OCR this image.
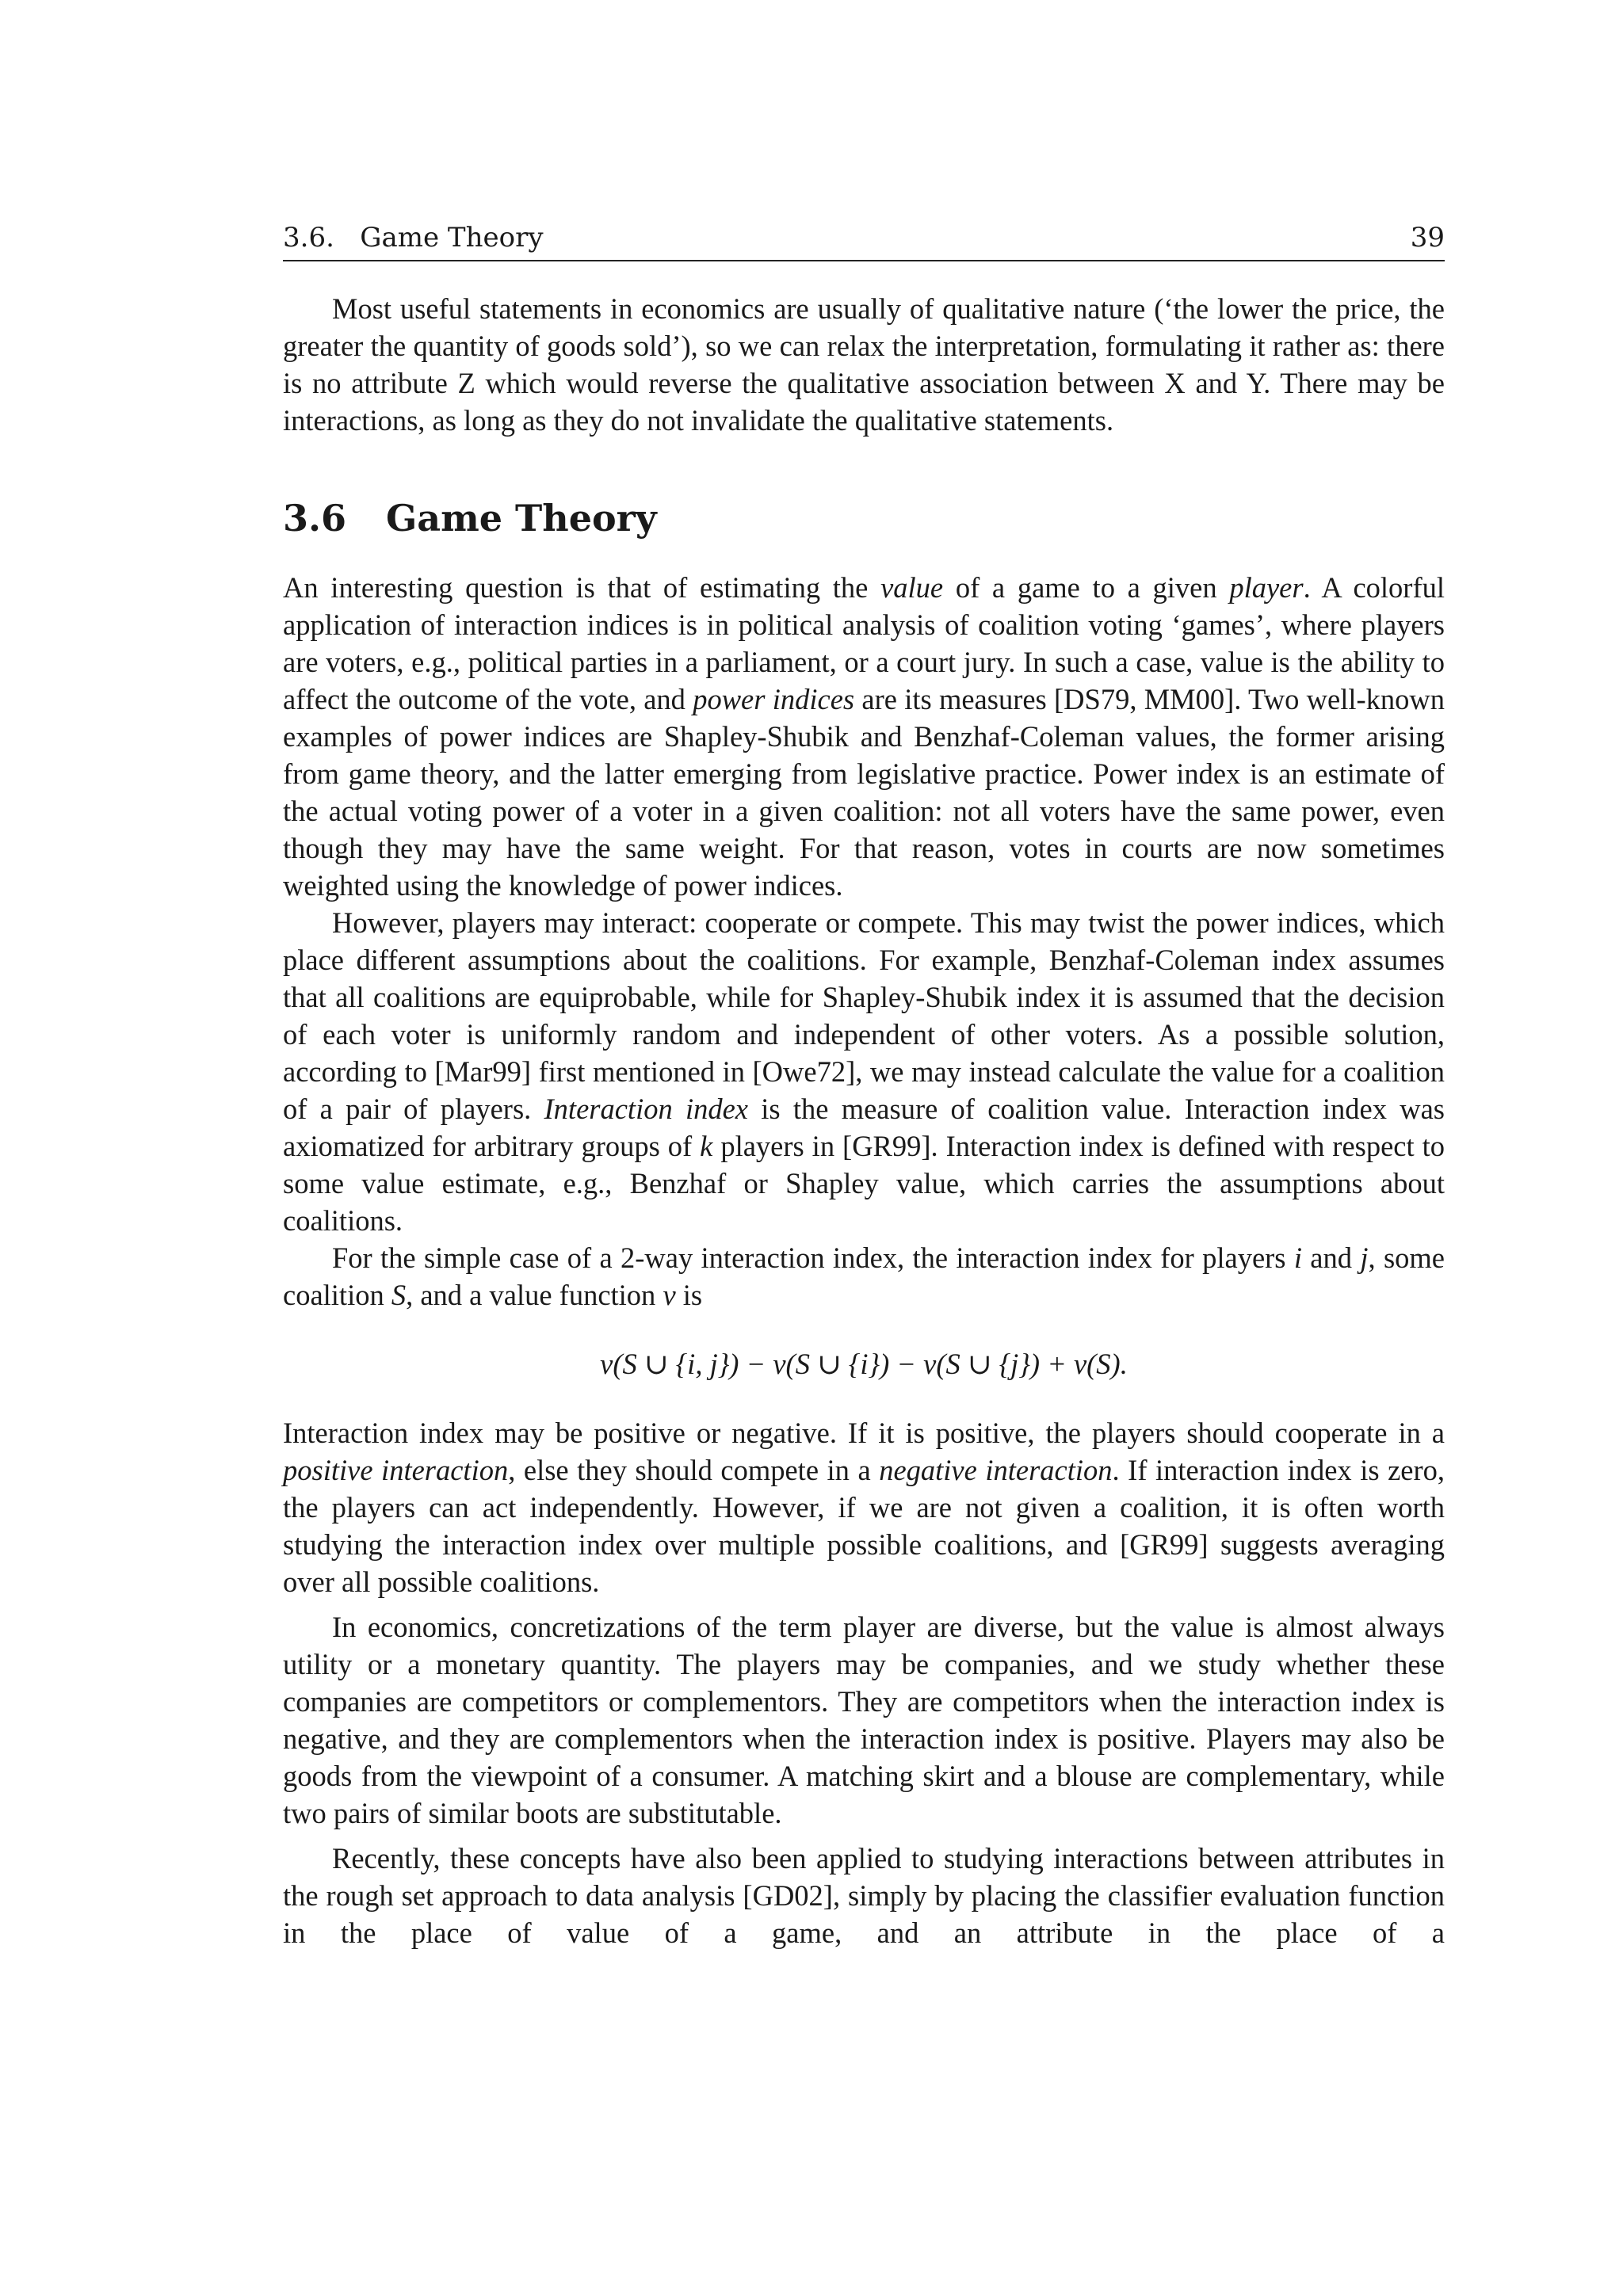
3.6.   Game Theory	39

Most useful statements in economics are usually of qualitative nature (‘the lower the price, the greater the quantity of goods sold’), so we can relax the interpretation, formulating it rather as: there is no attribute Z which would reverse the qualitative association between X and Y. There may be interactions, as long as they do not invalidate the qualitative statements.

3.6	Game Theory

An interesting question is that of estimating the value of a game to a given player. A colorful application of interaction indices is in political analysis of coalition voting ‘games’, where players are voters, e.g., political parties in a parliament, or a court jury. In such a case, value is the ability to affect the outcome of the vote, and power indices are its measures [DS79, MM00]. Two well-known examples of power indices are Shapley-Shubik and Benzhaf-Coleman values, the former arising from game theory, and the latter emerging from legislative practice. Power index is an estimate of the actual voting power of a voter in a given coalition: not all voters have the same power, even though they may have the same weight. For that reason, votes in courts are now sometimes weighted using the knowledge of power indices.

However, players may interact: cooperate or compete. This may twist the power indices, which place different assumptions about the coalitions. For example, Benzhaf-Coleman index assumes that all coalitions are equiprobable, while for Shapley-Shubik index it is assumed that the decision of each voter is uniformly random and independent of other voters. As a possible solution, according to [Mar99] first mentioned in [Owe72], we may instead calculate the value for a coalition of a pair of players. Interaction index is the measure of coalition value. Interaction index was axiomatized for arbitrary groups of k players in [GR99]. Interaction index is defined with respect to some value estimate, e.g., Benzhaf or Shapley value, which carries the assumptions about coalitions.

For the simple case of a 2-way interaction index, the interaction index for players i and j, some coalition S, and a value function v is

v(S ∪ {i, j}) − v(S ∪ {i}) − v(S ∪ {j}) + v(S).

Interaction index may be positive or negative. If it is positive, the players should cooperate in a positive interaction, else they should compete in a negative interaction. If interaction index is zero, the players can act independently. However, if we are not given a coalition, it is often worth studying the interaction index over multiple possible coalitions, and [GR99] suggests averaging over all possible coalitions.

In economics, concretizations of the term player are diverse, but the value is almost always utility or a monetary quantity. The players may be companies, and we study whether these companies are competitors or complementors. They are competitors when the interaction index is negative, and they are complementors when the interaction index is positive. Players may also be goods from the viewpoint of a consumer. A matching skirt and a blouse are complementary, while two pairs of similar boots are substitutable.

Recently, these concepts have also been applied to studying interactions between attributes in the rough set approach to data analysis [GD02], simply by placing the classifier evaluation function in the place of value of a game, and an attribute in the place of a
